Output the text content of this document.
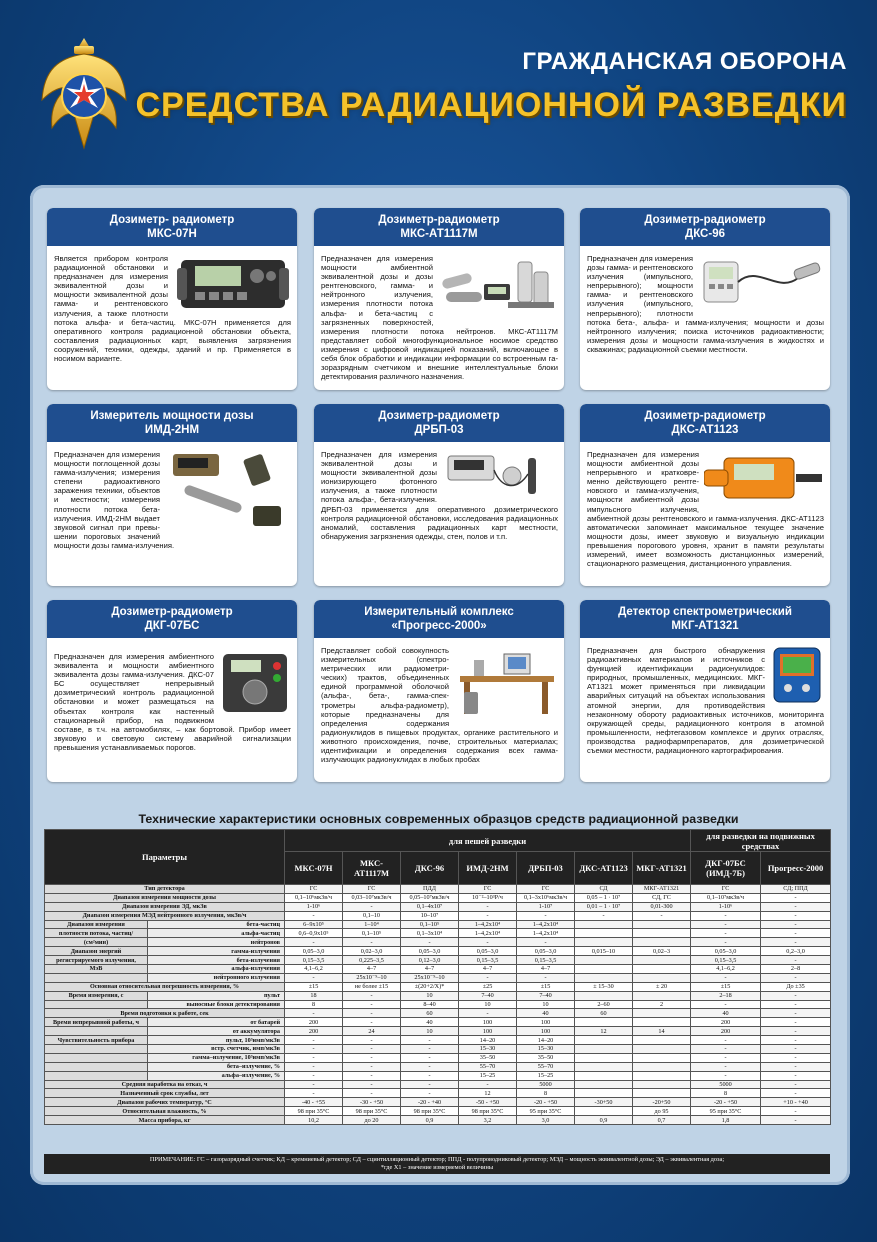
ГРАЖДАНСКАЯ ОБОРОНА
СРЕДСТВА РАДИАЦИОННОЙ РАЗВЕДКИ
Дозиметр- радиометр
МКС-07Н
Является прибором контроля радиационной обстановки и предназначен для измерения эквивалентной дозы и мощности эквивалентной дозы гамма- и рентгеновского излучения, а также плотности потока альфа- и бета-частиц. МКС-07Н применяется для оперативного контроля радиационной обстановки объекта, составления радиационных карт, выявления загрязнения сооружений, техники, одежды, зданий и пр. Применяется в носимом варианте.
Дозиметр-радиометр
МКС-АТ1117М
Предназначен для измерения мощности амбиентной эквивалентной дозы и дозы рентгеновского, гамма- и нейтронного излучения, измерения плотности потока альфа- и бета-частиц с загрязненных поверхностей, измерения плотности потока нейтронов. МКС-АТ1117М представляет собой многофункциональное носимое средство измерения с цифровой индикацией показаний, включающее в себя блок обработки и индикации информации со встроенным газоразрядным счетчиком и внешние интеллектуальные блоки детектирования различного назначения.
Дозиметр-радиометр
ДКС-96
Предназначен для измерения дозы гамма- и рентгеновского излучения (импульсного, непрерывного); мощности гамма- и рентгеновского излучения (импульсного, непрерывного); плотности потока бета-, альфа- и гамма-излучения; мощности и дозы нейтронного излучения; поиска источников радиоактивности; измерения дозы и мощности гамма-излучения в жидкостях и скважинах; радиационной съемки местности.
Измеритель мощности дозы
ИМД-2НМ
Предназначен для измерения мощности поглощенной дозы гамма-излучения; измерения степени радиоактивного заражения техники, объектов и местности; измерения плотности потока бета-излучения. ИМД-2НМ выдает звуковой сигнал при превышении пороговых значений мощности дозы гамма-излучения.
Дозиметр-радиометр
ДРБП-03
Предназначен для измерения эквивалентной дозы и мощности эквивалентной дозы ионизирующего фотонного излучения, а также плотности потока альфа-, бета-излучения. ДРБП-03 применяется для оперативного дозиметрического контроля радиационной обстановки, исследования радиационных аномалий, составления радиационных карт местности, обнаружения загрязнения одежды, стен, полов и т.п.
Дозиметр-радиометр
ДКС-АТ1123
Предназначен для измерения мощности амбиентной дозы непрерывного и кратковременно действующего рентгеновского и гамма-излучения, мощности амбиентной дозы импульсного излучения, амбиентной дозы рентгеновского и гамма-излучения. ДКС-АТ1123 автоматически запоминает максимальное текущее значение мощности дозы, имеет звуковую и визуальную индикации превышения порогового уровня, хранит в памяти результаты измерений, имеет возможность дистанционных измерений, стационарного размещения, дистанционного управления.
Дозиметр-радиометр
ДКГ-07БС
Предназначен для измерения амбиентного эквивалента и мощности амбиентного эквивалента дозы гамма-излучения. ДКС-07 БС осуществляет непрерывный дозиметрический контроль радиационной обстановки и может размещаться на объектах контроля как настенный стационарный прибор, на подвижном составе, в т.ч. на автомобилях, – как бортовой. Прибор имеет звуковую и световую систему аварийной сигнализации превышения устанавливаемых порогов.
Измерительный комплекс
«Прогресс-2000»
Представляет собой совокупность измерительных (спектрометрических или радиометрических) трактов, объединенных единой программной оболочкой (альфа-, бета-, гамма-спектрометры альфа-радиометр), которые предназначены для определения содержания радионуклидов в пищевых продуктах, органике растительного и животного происхождения, почве, строительных материалах; идентификации и определения содержания всех гамма-излучающих радионуклидах в любых пробах
Детектор спектрометрический
МКГ-АТ1321
Предназначен для быстрого обнаружения радиоактивных материалов и источников с функцией идентификации радионуклидов: природных, промышленных, медицинских. МКГ-АТ1321 может применяться при ликвидации аварийных ситуаций на объектах использования атомной энергии, для противодействия незаконному обороту радиоактивных источников, мониторинга окружающей среды, радиационного контроля в атомной промышленности, нефтегазовом комплексе и других отраслях, производства радиофармпрепаратов, для дозиметрической съемки местности, радиационного картографирования.
Технические характеристики основных современных образцов средств радиационной разведки
Параметры		для пешей разведки							для разведки на подвижных средствах	
		МКС-07Н	МКС-АТ1117М	ДКС-96	ИМД-2НМ	ДРБП-03	ДКС-АТ1123	МКГ-АТ1321	ДКГ-07БС (ИМД-7Б)	Прогресс-2000
Тип детектора		ГС	ГС	ПДД	ГС	ГС	СД	МКГ-АТ1321	ГС	СД; ППД
Диапазон измерения мощности дозы		0,1–10⁶мкЗв/ч	0,03–10⁷мкЗв/ч	0,05–10⁷мкЗв/ч	10⁻²–10³Р/ч	0,1–3х10⁶мкЗв/ч	0,05 – 1 · 10⁷	СД, ГС	0,1–10⁷мкЗв/ч	-
Диапазон измерения ЭД, мкЗв		1-10⁶	-	0,1–4х10⁷	-	1-10⁷	0,01 – 1 · 10⁷	0,01-300	1-10⁶	-
Диапазон измерения МЭД нейтронного излучения, мкЗв/ч		-	0,1–10	10–10⁷	-	-	-	-	-	-
Диапазон измерения	бета-частиц	6–9х10⁵	1–10⁴	0,1–10⁵	1–4,2х10⁴	1–4,2х10⁴			-	-
плотности потока, частиц/	альфа-частиц	0,6–0,9х10⁵	0,1–10⁵	0,1–3х10⁴	1–4,2х10⁴	1–4,2х10⁴			-	-
(см²мин)	нейтронов	-	-	-	-	-			-	-
Диапазон энергий	гамма-излучения	0,05–3,0	0,02–3,0	0,05–3,0	0,05–3,0	0,05–3,0	0,015–10	0,02–3	0,05–3,0	0,2–3,0
регистрируемого излучения,	бета-излучения	0,15–3,5	0,225–3,5	0,12–3,0	0,15–3,5	0,15–3,5			0,15–3,5	-
МэВ	альфа-излучения	4,1–6,2	4–7	4–7	4–7	4–7			4,1–6,2	2–8
	нейтронного излучения	-	25х10⁻⁹–10	25х10⁻⁹–10	-	-			-	-
Основная относительная погрешность измерения, %		±15	не более ±15	±(20+2/Х)*	±25	±15	± 15–30	± 20	±15	До ±35
Время измерения, с	пульт	18	-	10	7–40	7–40			2–18	-
	выносные блоки детектирования	8	-	8–40	10	10	2–60	2	-	-
Время подготовки к работе, сек		-	-	60	-	40	60		40	-
Время непрерывной работы, ч	от батарей	200	-	40	100	100			200	-
	от аккумулятора	200	24	10	100	100	12	14	200	-
Чувствительность прибора	пульт, 10³имп/мкЗв	-	-	-	14–20	14–20			-	-
	встр. счетчик, имп/мкЗв	-	-	-	15–30	15–30			-	-
	гамма–излучение, 10³имп/мкЗв	-	-	-	35–50	35–50			-	-
	бета–излучение, %	-	-	-	55–70	55–70			-	-
	альфа–излучение, %	-	-	-	15–25	15–25			-	-
Средняя наработка на отказ, ч		-	-	-	-	5000			5000	-
Назначенный срок службы, лет		-	-	-	12	8			8	-
Диапазон рабочих температур, °С		-40 - +55	-30 - +50	-20 - +40	-50 - +50	-20 - +50	-30+50	-20+50	-20 - +50	+10 - +40
Относительная влажность, %		98 при 35°С	98 при 35°С	98 при 35°С	98 при 35°С	95 при 35°С		до 95	95 при 35°С	-
Масса прибора, кг		10,2	до 20	0,9	3,2	3,0	0,9	0,7	1,8	-
ПРИМЕЧАНИЕ: ГС – газоразрядный счетчик; КД – кремниевый детектор; СД – сцинтилляционный детектор; ППД - полупроводниковый детектор; МЭД – мощность эквивалентной дозы; ЭД – эквивалентная доза;
*где Х1 – значение измеряемой величины
